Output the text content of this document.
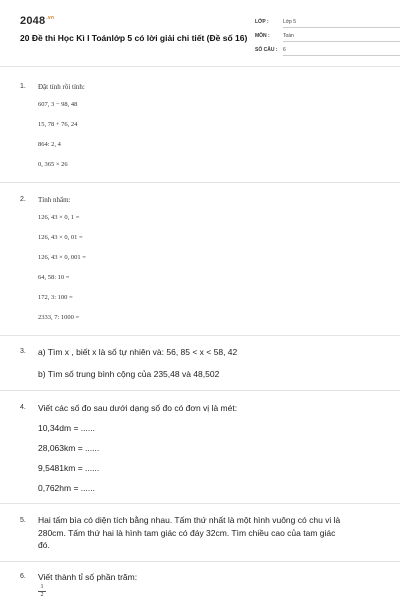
$2048^{.vn}$
20 Đề thi Học Kì I Toánlớp 5 có lời giải chi tiết (Đề số 16)
LỚP :	Lớp 5
MÔN :	Toán
SỐ CÂU : 6
1. Đặt tính rồi tính:
607, 3 − 98, 48
15, 78 + 76, 24
864: 2, 4
0, 365 × 26
2. Tính nhẩm:
126, 43 × 0, 1 =
126, 43 × 0, 01 =
126, 43 × 0, 001 =
64, 58: 10 =
172, 3: 100 =
2333, 7: 1000 =
3. a) Tìm x , biết x là số tự nhiên và: 56, 85 < x < 58, 42
b) Tìm số trung bình cộng của 235,48 và 48,502
4. Viết các số đo sau dưới dạng số đo có đơn vị là mét:
10,34dm = ......
28,063km = ......
9,5481km = ......
0,762hm = ......
5. Hai tấm bìa có diện tích bằng nhau. Tấm thứ nhất là một hình vuông có chu vi là
280cm. Tấm thứ hai là hình tam giác có đáy 32cm. Tìm chiều cao của tam giác
đó.
6. Viết thành tỉ số phần trăm:
1
2
